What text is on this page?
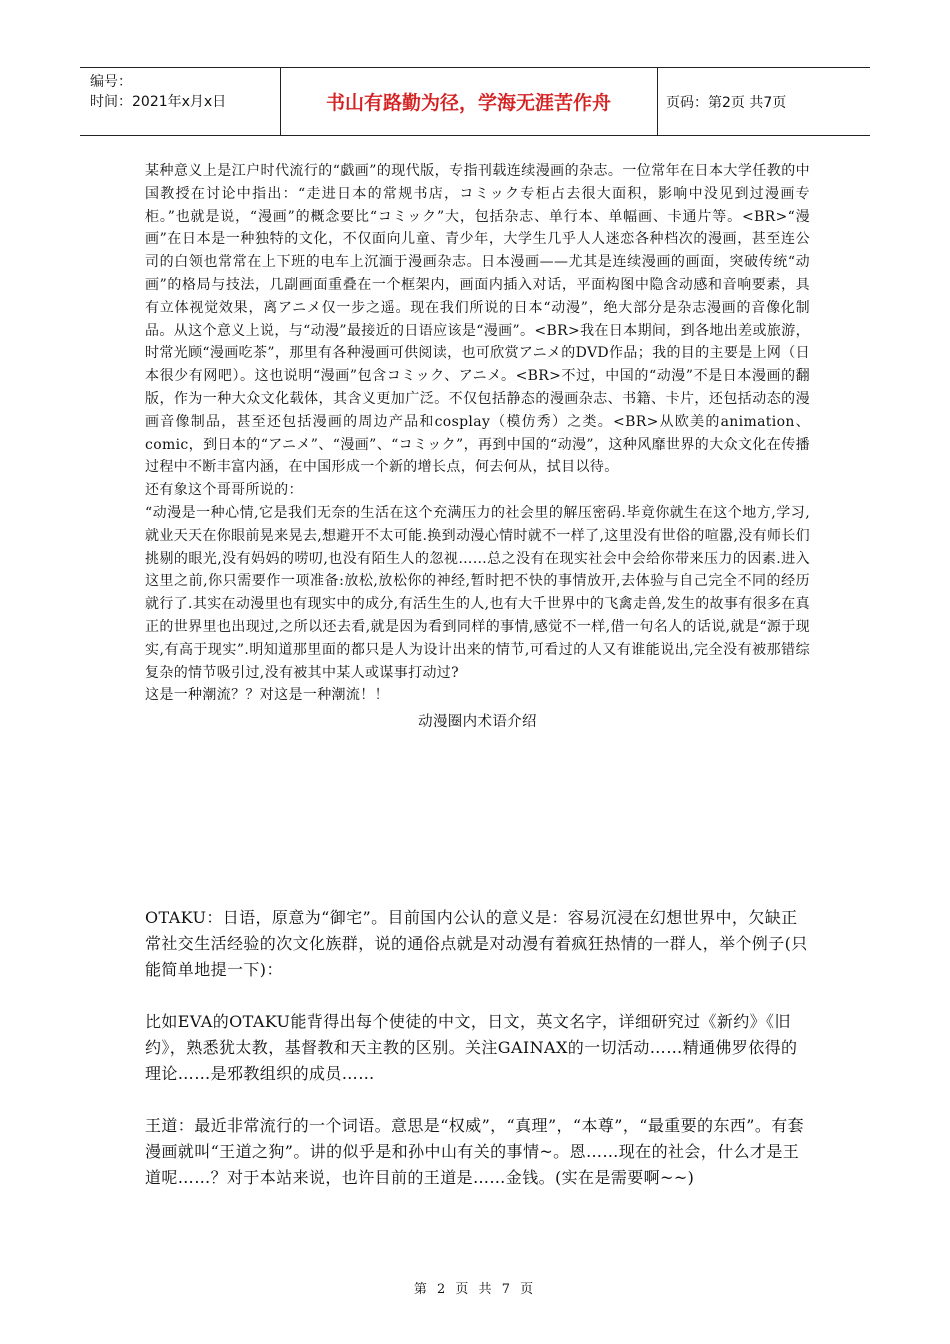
编号：
时间：2021年x月x日	书山有路勤为径，学海无涯苦作舟	页码：第2页 共7页

某种意义上是江户时代流行的“戯画”的现代版，专指刊载连续漫画的杂志。一位常年在日本大学任教的中国教授在讨论中指出：“走进日本的常规书店，コミック专柜占去很大面积，影响中没见到过漫画专柜。”也就是说，“漫画”的概念要比“コミック”大，包括杂志、单行本、单幅画、卡通片等。<BR>“漫画”在日本是一种独特的文化，不仅面向儿童、青少年，大学生几乎人人迷恋各种档次的漫画，甚至连公司的白领也常常在上下班的电车上沉湎于漫画杂志。日本漫画——尤其是连续漫画的画面，突破传统“动画”的格局与技法，几副画面重叠在一个框架内，画面内插入对话，平面构图中隐含动感和音响要素，具有立体视觉效果，离アニメ仅一步之遥。现在我们所说的日本“动漫”，绝大部分是杂志漫画的音像化制品。从这个意义上说，与“动漫”最接近的日语应该是“漫画”。<BR>我在日本期间，到各地出差或旅游，时常光顾“漫画吃茶”，那里有各种漫画可供阅读，也可欣赏アニメ的DVD作品；我的目的主要是上网（日本很少有网吧）。这也说明“漫画”包含コミック、アニメ。<BR>不过，中国的“动漫”不是日本漫画的翻版，作为一种大众文化载体，其含义更加广泛。不仅包括静态的漫画杂志、书籍、卡片，还包括动态的漫画音像制品，甚至还包括漫画的周边产品和cosplay（模仿秀）之类。<BR>从欧美的animation、comic，到日本的“アニメ”、“漫画”、“コミック”，再到中国的“动漫”，这种风靡世界的大众文化在传播过程中不断丰富内涵，在中国形成一个新的增长点，何去何从，拭目以待。

还有象这个哥哥所说的：

“动漫是一种心情,它是我们无奈的生活在这个充满压力的社会里的解压密码.毕竟你就生在这个地方,学习,就业天天在你眼前晃来晃去,想避开不太可能.换到动漫心情时就不一样了,这里没有世俗的喧嚣,没有师长们挑剔的眼光,没有妈妈的唠叨,也没有陌生人的忽视……总之没有在现实社会中会给你带来压力的因素.进入这里之前,你只需要作一项准备:放松,放松你的神经,暂时把不快的事情放开,去体验与自己完全不同的经历就行了.其实在动漫里也有现实中的成分,有活生生的人,也有大千世界中的飞禽走兽,发生的故事有很多在真正的世界里也出现过,之所以还去看,就是因为看到同样的事情,感觉不一样,借一句名人的话说,就是“源于现实,有高于现实”.明知道那里面的都只是人为设计出来的情节,可看过的人又有谁能说出,完全没有被那错综复杂的情节吸引过,没有被其中某人或谋事打动过?

这是一种潮流？？对这是一种潮流！！

动漫圈内术语介绍

OTAKU：日语，原意为“御宅”。目前国内公认的意义是：容易沉浸在幻想世界中，欠缺正常社交生活经验的次文化族群，说的通俗点就是对动漫有着疯狂热情的一群人，举个例子(只能简单地提一下)：

比如EVA的OTAKU能背得出每个使徒的中文，日文，英文名字，详细研究过《新约》《旧约》，熟悉犹太教，基督教和天主教的区别。关注GAINAX的一切活动……精通佛罗依得的理论……是邪教组织的成员……

王道：最近非常流行的一个词语。意思是“权威”，“真理”，“本尊”，“最重要的东西”。有套漫画就叫“王道之狗”。讲的似乎是和孙中山有关的事情~。恩……现在的社会，什么才是王道呢……？对于本站来说，也许目前的王道是……金钱。(实在是需要啊~~)

第 2 页 共 7 页
